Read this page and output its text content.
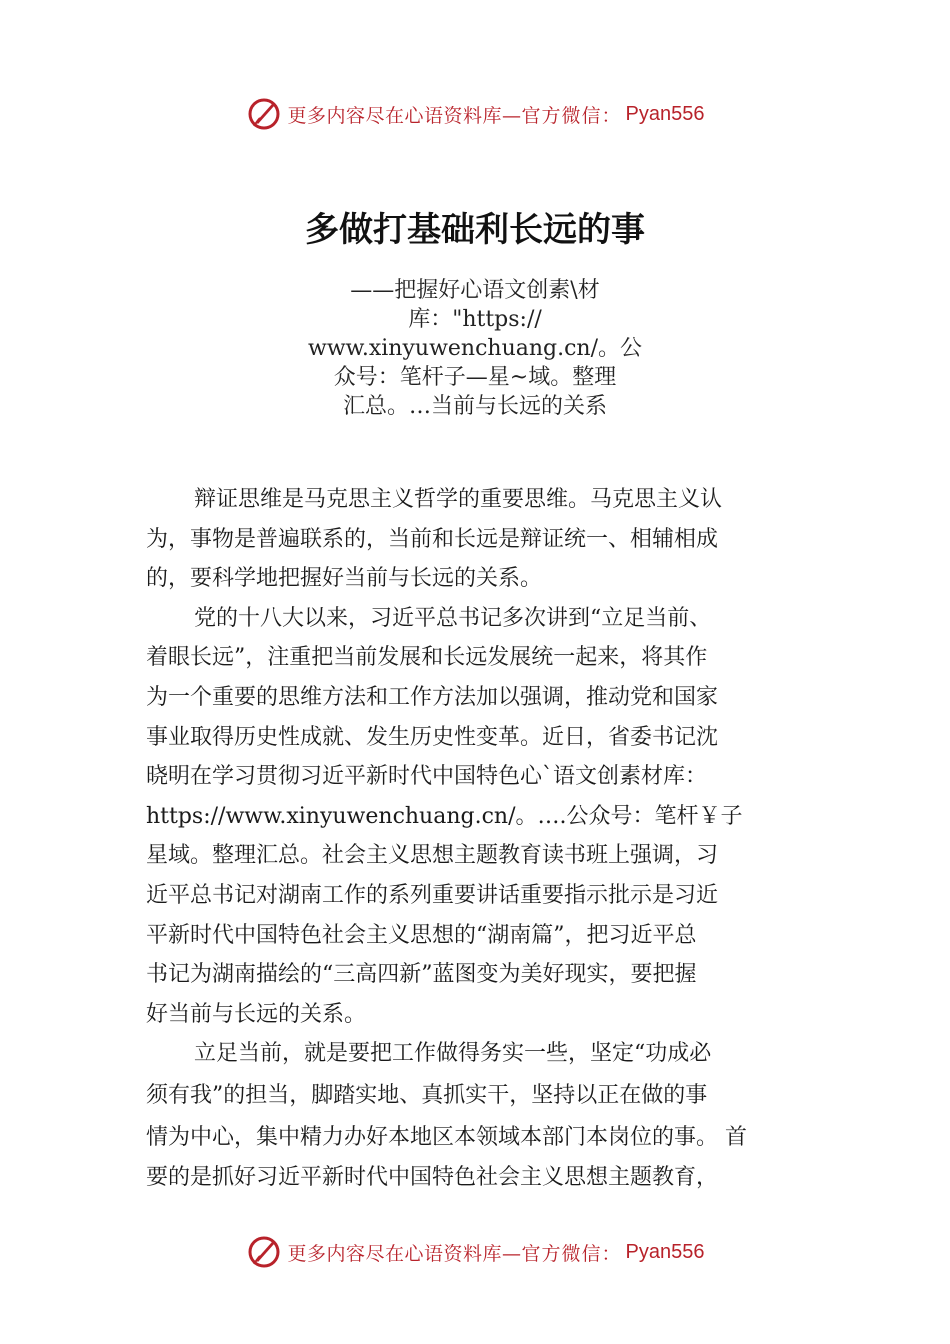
更多内容尽在心语资料库— 官方微信： Pyan556
多做打基础利长远的事
——把握好心语文创素\材
库："https://
www.xinyuwenchuang.cn/。公
众号：笔杆子—星~域。整理
汇总。…当前与长远的关系
辩证思维是马克思主义哲学的重要思维。马克思主义认
为，事物是普遍联系的，当前和长远是辩证统一、相辅相成
的，要科学地把握好当前与长远的关系。
党的十八大以来，习近平总书记多次讲到“立足当前、
着眼长远”，注重把当前发展和长远发展统一起来，将其作
为一个重要的思维方法和工作方法加以强调，推动党和国家
事业取得历史性成就、发生历史性变革。近日，省委书记沈
晓明在学习贯彻习近平新时代中国特色心`语文创素材库：
https://www.xinyuwenchuang.cn/。….公众号：笔杆￥子
星域。整理汇总。社会主义思想主题教育读书班上强调，习
近平总书记对湖南工作的系列重要讲话重要指示批示是习近
平新时代中国特色社会主义思想的“湖南篇”，把习近平总
书记为湖南描绘的“三高四新”蓝图变为美好现实，要把握
好当前与长远的关系。
立足当前，就是要把工作做得务实一些，坚定“功成必
须有我”的担当，脚踏实地、真抓实干，坚持以正在做的事
情为中心，集中精力办好本地区本领域本部门本岗位的事。 首
要的是抓好习近平新时代中国特色社会主义思想主题教育，
更多内容尽在心语资料库— 官方微信： Pyan556
